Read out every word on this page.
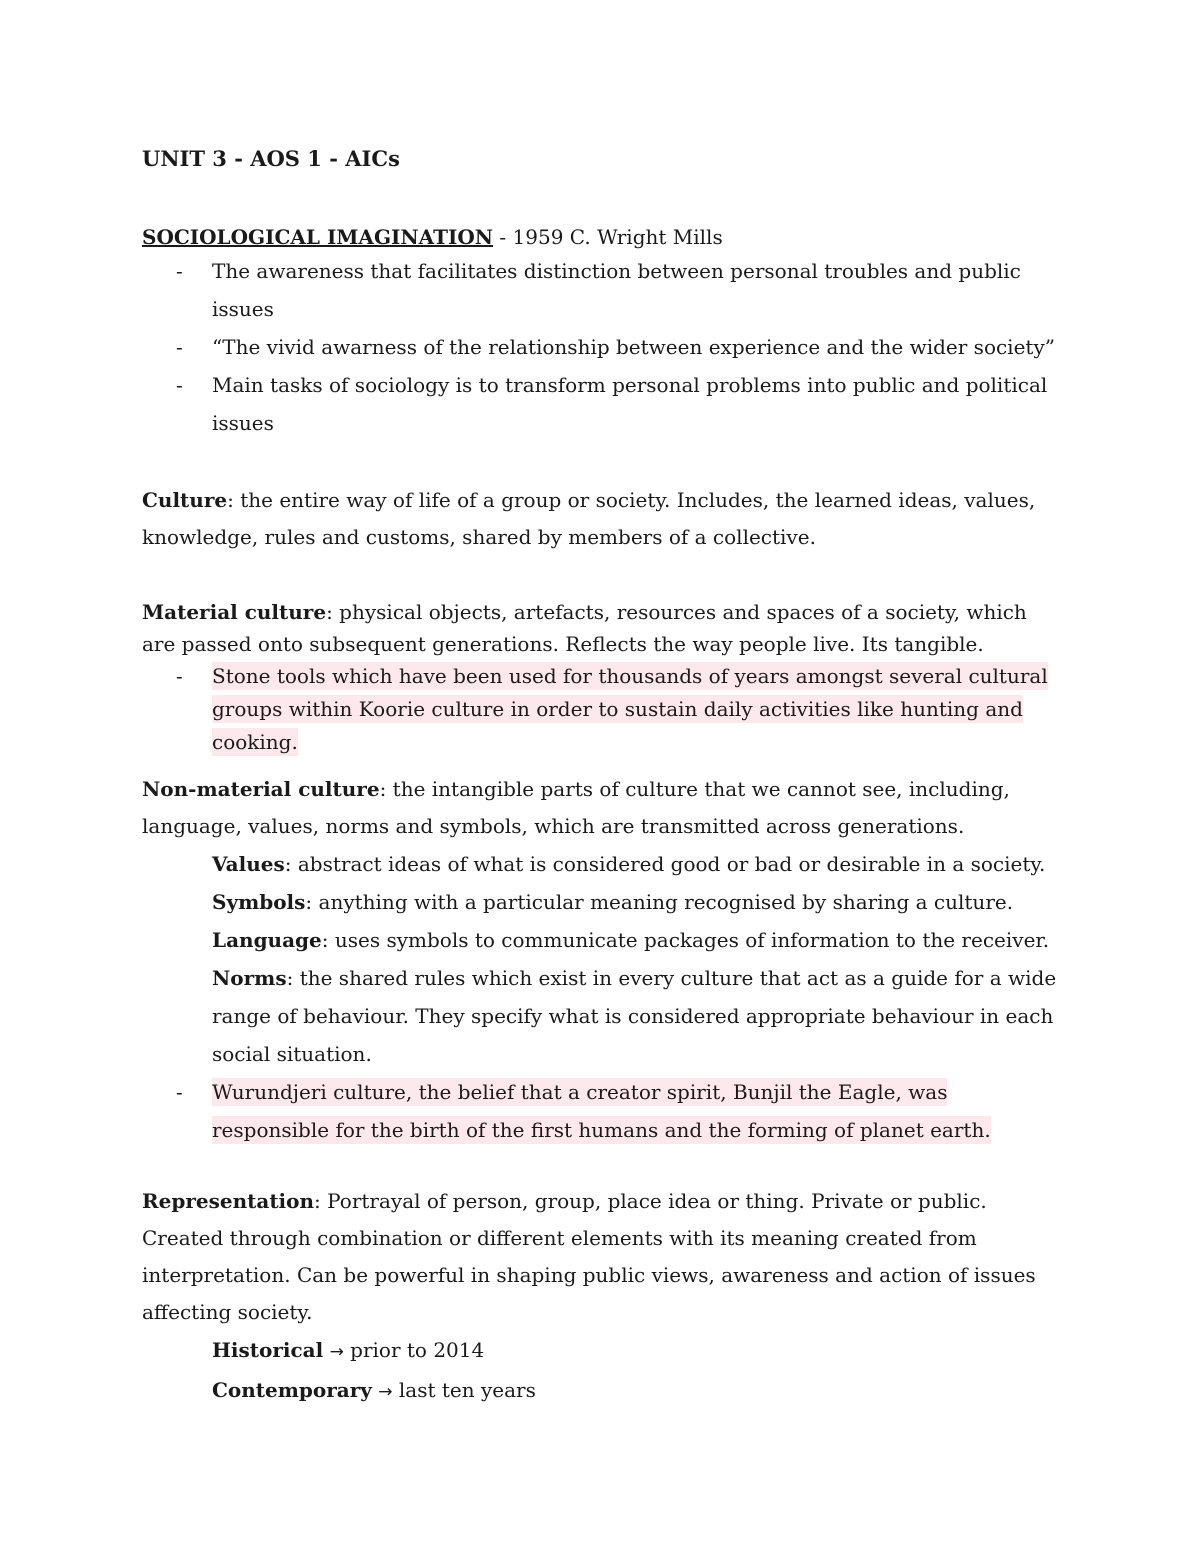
UNIT 3 - AOS 1 - AICs
SOCIOLOGICAL IMAGINATION - 1959 C. Wright Mills
- The awareness that facilitates distinction between personal troubles and public issues
- “The vivid awarness of the relationship between experience and the wider society”
- Main tasks of sociology is to transform personal problems into public and political issues

Culture: the entire way of life of a group or society. Includes, the learned ideas, values, knowledge, rules and customs, shared by members of a collective.

Material culture: physical objects, artefacts, resources and spaces of a society, which are passed onto subsequent generations. Reflects the way people live. Its tangible.

- Stone tools which have been used for thousands of years amongst several cultural groups within Koorie culture in order to sustain daily activities like hunting and cooking.

Non-material culture: the intangible parts of culture that we cannot see, including, language, values, norms and symbols, which are transmitted across generations.

Values: abstract ideas of what is considered good or bad or desirable in a society.
Symbols: anything with a particular meaning recognised by sharing a culture.
Language: uses symbols to communicate packages of information to the receiver.
Norms: the shared rules which exist in every culture that act as a guide for a wide range of behaviour. They specify what is considered appropriate behaviour in each social situation.
- Wurundjeri culture, the belief that a creator spirit, Bunjil the Eagle, was responsible for the birth of the first humans and the forming of planet earth.

Representation: Portrayal of person, group, place idea or thing. Private or public. Created through combination or different elements with its meaning created from interpretation. Can be powerful in shaping public views, awareness and action of issues affecting society.

Historical → prior to 2014
Contemporary → last ten years
